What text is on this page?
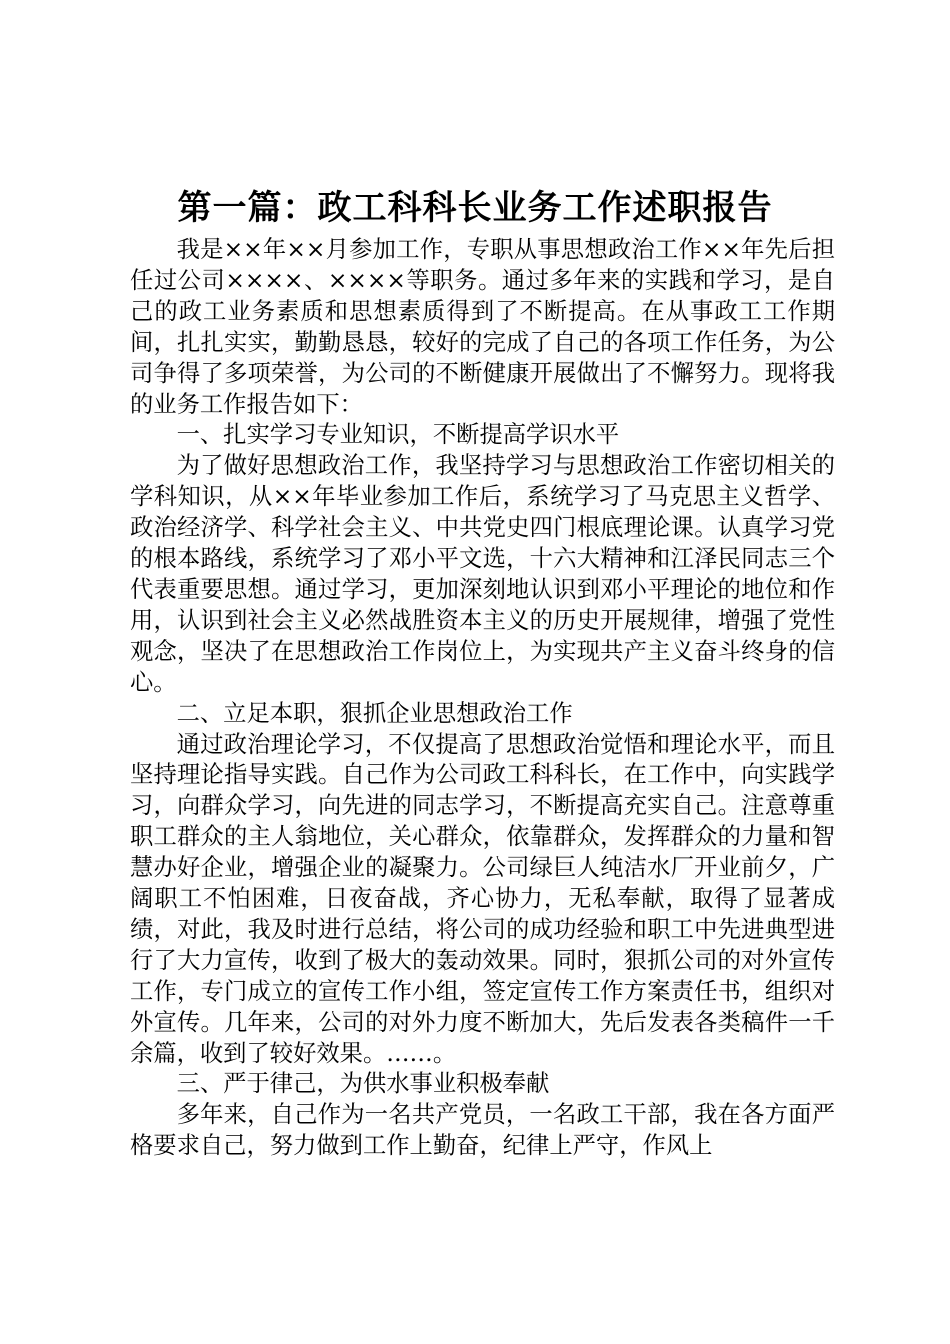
第一篇：政工科科长业务工作述职报告

我是××年××月参加工作，专职从事思想政治工作××年先后担任过公司××××、××××等职务。通过多年来的实践和学习，是自己的政工业务素质和思想素质得到了不断提高。在从事政工工作期间，扎扎实实，勤勤恳恳，较好的完成了自己的各项工作任务，为公司争得了多项荣誉，为公司的不断健康开展做出了不懈努力。现将我的业务工作报告如下：

一、扎实学习专业知识，不断提高学识水平

为了做好思想政治工作，我坚持学习与思想政治工作密切相关的学科知识，从××年毕业参加工作后，系统学习了马克思主义哲学、政治经济学、科学社会主义、中共党史四门根底理论课。认真学习党的根本路线，系统学习了邓小平文选，十六大精神和江泽民同志三个代表重要思想。通过学习，更加深刻地认识到邓小平理论的地位和作用，认识到社会主义必然战胜资本主义的历史开展规律，增强了党性观念，坚决了在思想政治工作岗位上，为实现共产主义奋斗终身的信心。

二、立足本职，狠抓企业思想政治工作

通过政治理论学习，不仅提高了思想政治觉悟和理论水平，而且坚持理论指导实践。自己作为公司政工科科长，在工作中，向实践学习，向群众学习，向先进的同志学习，不断提高充实自己。注意尊重职工群众的主人翁地位，关心群众，依靠群众，发挥群众的力量和智慧办好企业，增强企业的凝聚力。公司绿巨人纯洁水厂开业前夕，广阔职工不怕困难，日夜奋战，齐心协力，无私奉献，取得了显著成绩，对此，我及时进行总结，将公司的成功经验和职工中先进典型进行了大力宣传，收到了极大的轰动效果。同时，狠抓公司的对外宣传工作，专门成立的宣传工作小组，签定宣传工作方案责任书，组织对外宣传。几年来，公司的对外力度不断加大，先后发表各类稿件一千余篇，收到了较好效果。……。

三、严于律己，为供水事业积极奉献

多年来，自己作为一名共产党员，一名政工干部，我在各方面严格要求自己，努力做到工作上勤奋，纪律上严守，作风上
